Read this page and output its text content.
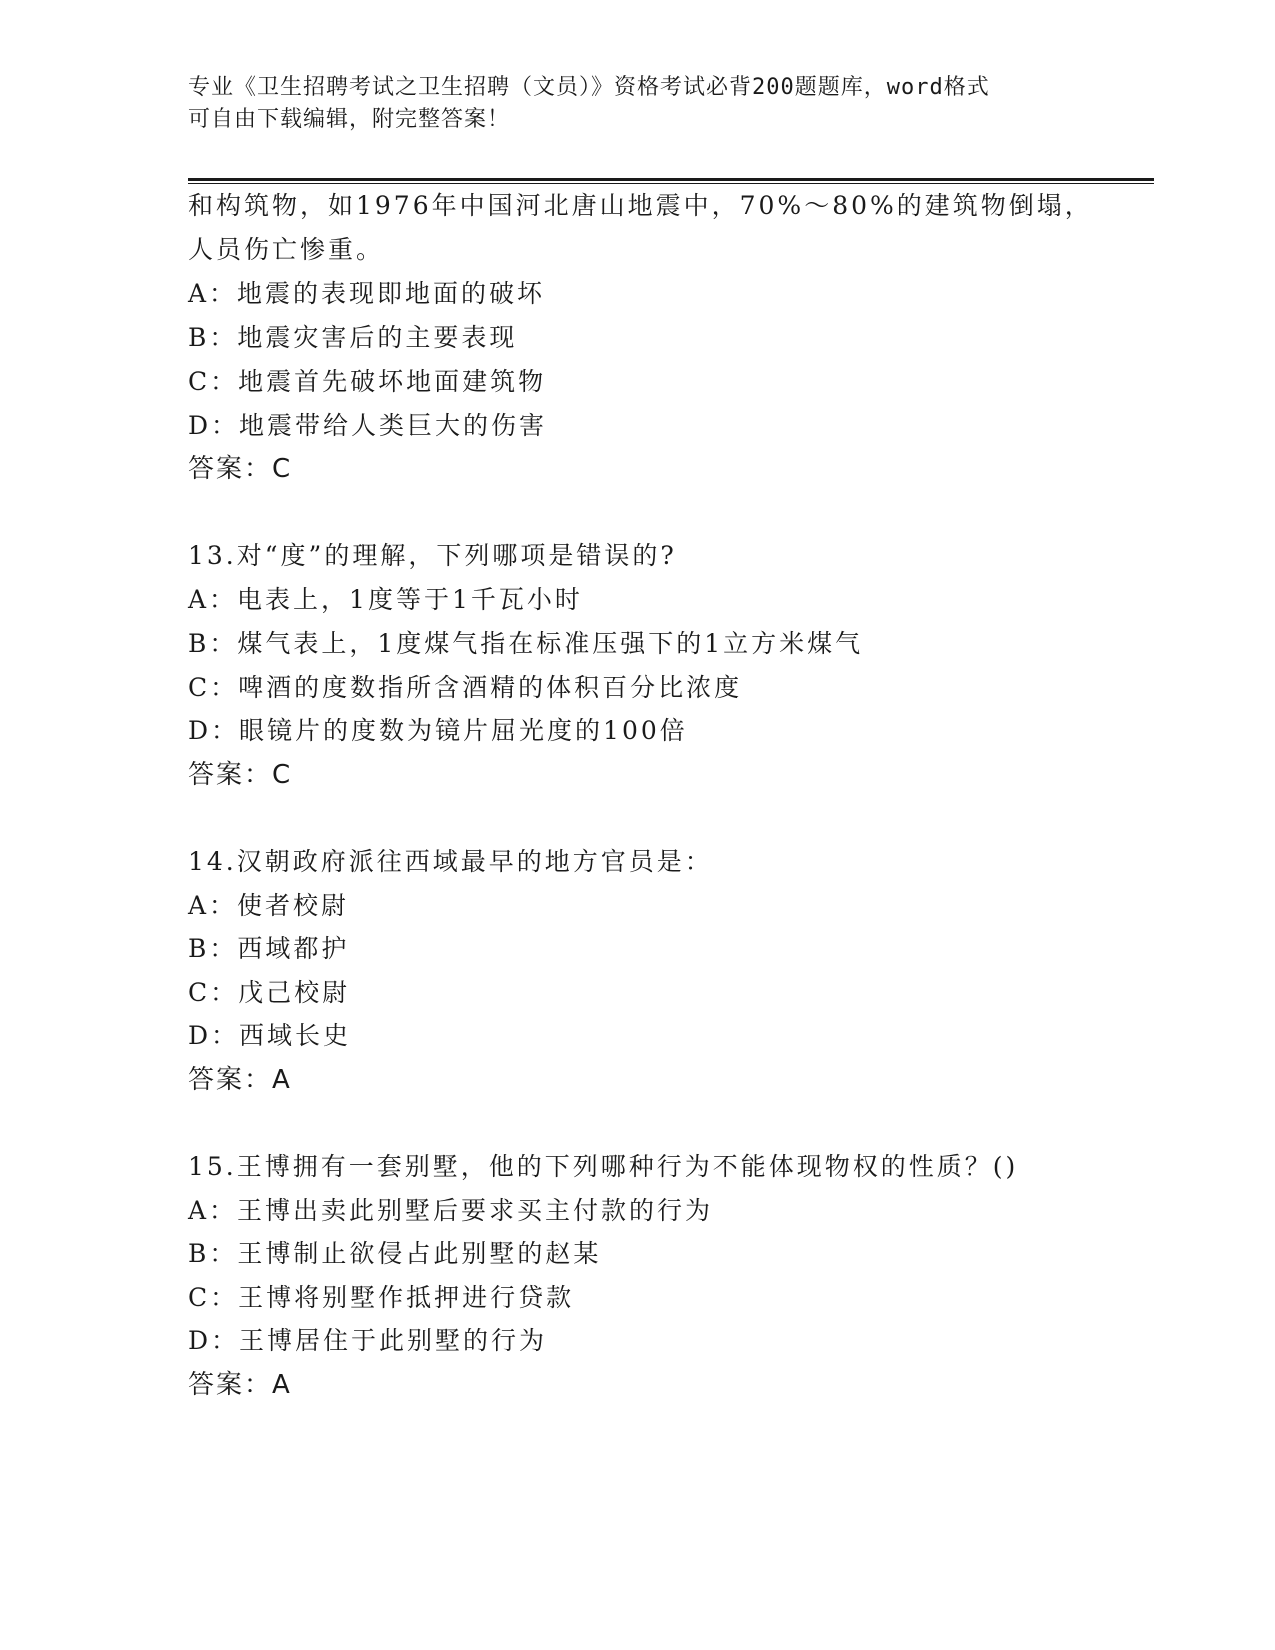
专业《卫生招聘考试之卫生招聘（文员）》资格考试必背200题题库，word格式
可自由下载编辑，附完整答案！
和构筑物，如1976年中国河北唐山地震中，70%～80%的建筑物倒塌，
人员伤亡惨重。
A：地震的表现即地面的破坏
B：地震灾害后的主要表现
C：地震首先破坏地面建筑物
D：地震带给人类巨大的伤害
答案：C
13.对“度”的理解，下列哪项是错误的?
A：电表上，1度等于1千瓦小时
B：煤气表上，1度煤气指在标准压强下的1立方米煤气
C：啤酒的度数指所含酒精的体积百分比浓度
D：眼镜片的度数为镜片屈光度的100倍
答案：C
14.汉朝政府派往西域最早的地方官员是：
A：使者校尉
B：西域都护
C：戊己校尉
D：西域长史
答案：A
15.王博拥有一套别墅，他的下列哪种行为不能体现物权的性质？()
A：王博出卖此别墅后要求买主付款的行为
B：王博制止欲侵占此别墅的赵某
C：王博将别墅作抵押进行贷款
D：王博居住于此别墅的行为
答案：A
